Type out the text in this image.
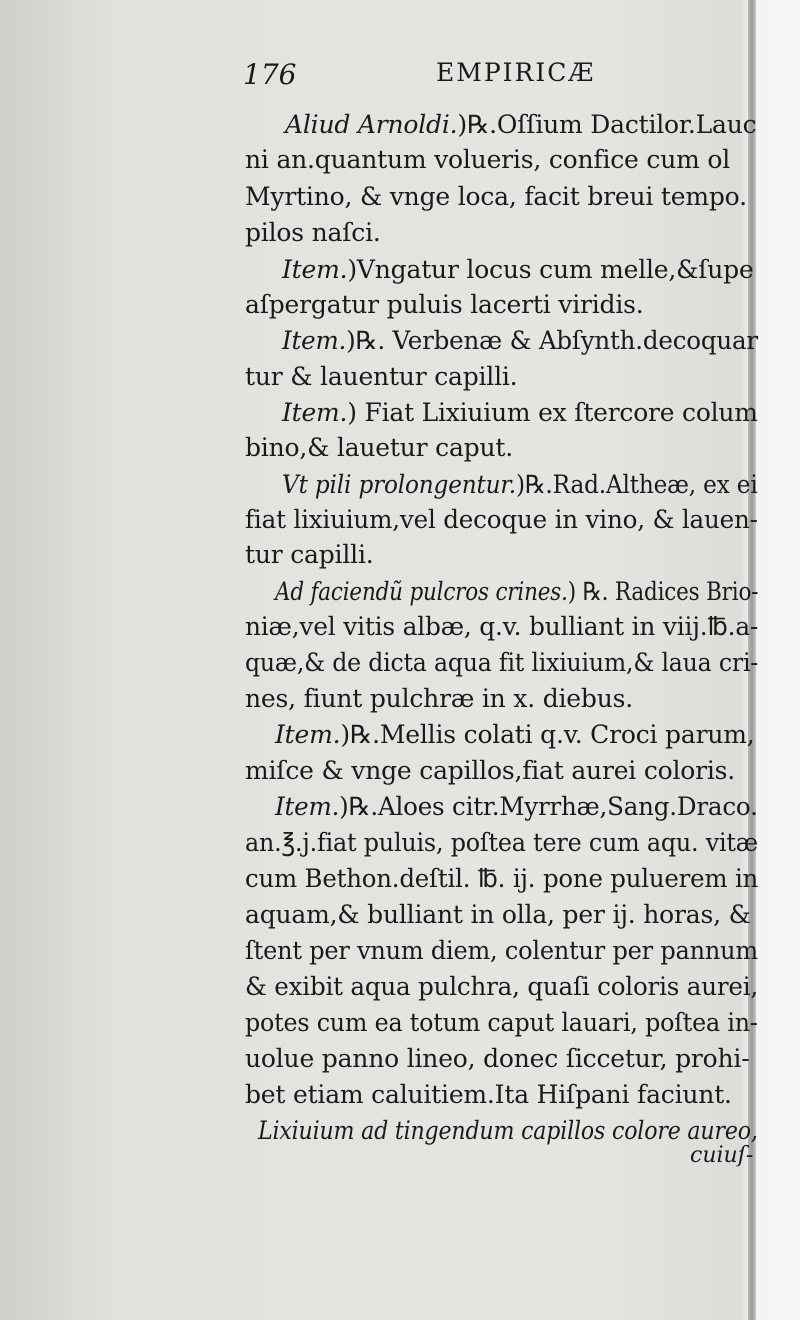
176	EMPIRICÆ
Aliud Arnoldi.)℞.Oſſium Dactilor.Lauc
ni an.quantum volueris, confice cum ol
Myrtino, & vnge loca, facit breui tempo.
pilos naſci.
Item.)Vngatur locus cum melle,&ſupe
aſpergatur puluis lacerti viridis.
Item.)℞. Verbenæ & Abſynth.decoquar
tur & lauentur capilli.
Item.) Fiat Lixiuium ex ſtercore colum
bino,& lauetur caput.
Vt pili prolongentur.)℞.Rad.Altheæ, ex ei
fiat lixiuium,vel decoque in vino, & lauen-
tur capilli.
Ad faciendũ pulcros crines.) ℞. Radices Brio-
niæ,vel vitis albæ, q.v. bulliant in viij.℔.a-
quæ,& de dicta aqua fit lixiuium,& laua cri-
nes, fiunt pulchræ in x. diebus.
Item.)℞.Mellis colati q.v. Croci parum,
miſce & vnge capillos,fiat aurei coloris.
Item.)℞.Aloes citr.Myrrhæ,Sang.Draco.
an.℥.j.fiat puluis, poſtea tere cum aqu. vitæ
cum Bethon.deſtil. ℔. ij. pone puluerem in
aquam,& bulliant in olla, per ij. horas, &
ſtent per vnum diem, colentur per pannum
& exibit aqua pulchra, quaſi coloris aurei,
potes cum ea totum caput lauari, poſtea in-
uolue panno lineo, donec ſiccetur, prohi-
bet etiam caluitiem.Ita Hiſpani faciunt.
Lixiuium ad tingendum capillos colore aureo,
cuiuſ-
